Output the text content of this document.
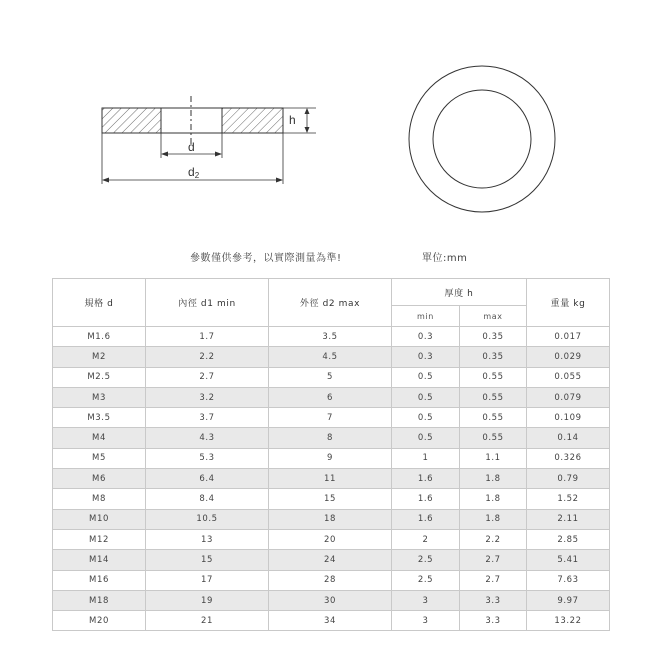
h
d
d2
參數僅供參考，以實際測量為準!	單位:mm
規格 d	內徑 d1 min	外徑 d2 max	厚度 h		重量 kg
			min	max	
M1.6	1.7	3.5	0.3	0.35	0.017
M2	2.2	4.5	0.3	0.35	0.029
M2.5	2.7	5	0.5	0.55	0.055
M3	3.2	6	0.5	0.55	0.079
M3.5	3.7	7	0.5	0.55	0.109
M4	4.3	8	0.5	0.55	0.14
M5	5.3	9	1	1.1	0.326
M6	6.4	11	1.6	1.8	0.79
M8	8.4	15	1.6	1.8	1.52
M10	10.5	18	1.6	1.8	2.11
M12	13	20	2	2.2	2.85
M14	15	24	2.5	2.7	5.41
M16	17	28	2.5	2.7	7.63
M18	19	30	3	3.3	9.97
M20	21	34	3	3.3	13.22
